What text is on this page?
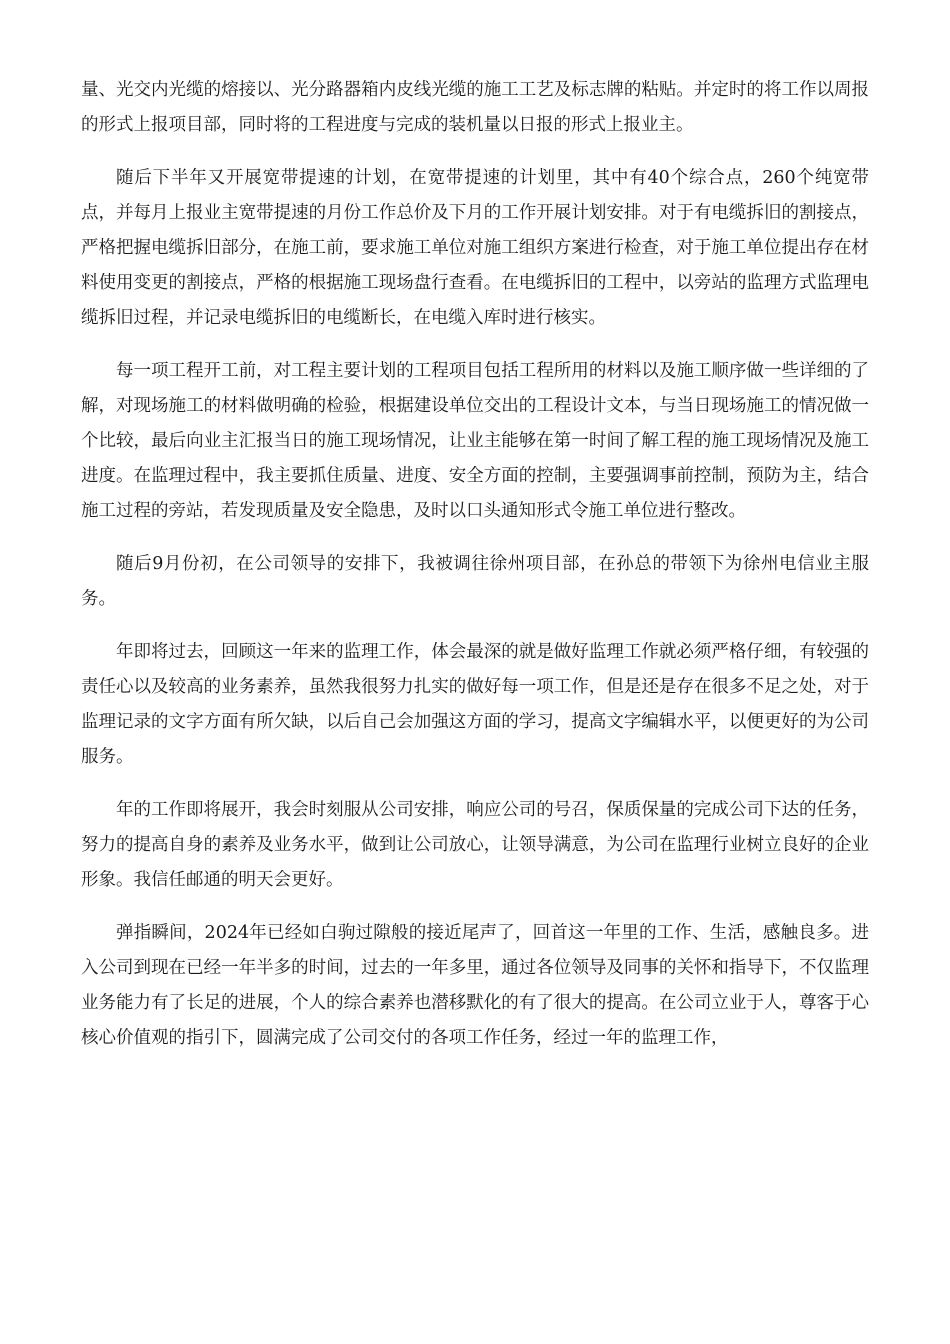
量、光交内光缆的熔接以、光分路器箱内皮线光缆的施工工艺及标志牌的粘贴。并定时的将工作以周报的形式上报项目部，同时将的工程进度与完成的装机量以日报的形式上报业主。

随后下半年又开展宽带提速的计划，在宽带提速的计划里，其中有40个综合点，260个纯宽带点，并每月上报业主宽带提速的月份工作总价及下月的工作开展计划安排。对于有电缆拆旧的割接点，严格把握电缆拆旧部分，在施工前，要求施工单位对施工组织方案进行检查，对于施工单位提出存在材料使用变更的割接点，严格的根据施工现场盘行查看。在电缆拆旧的工程中，以旁站的监理方式监理电缆拆旧过程，并记录电缆拆旧的电缆断长，在电缆入库时进行核实。

每一项工程开工前，对工程主要计划的工程项目包括工程所用的材料以及施工顺序做一些详细的了解，对现场施工的材料做明确的检验，根据建设单位交出的工程设计文本，与当日现场施工的情况做一个比较，最后向业主汇报当日的施工现场情况，让业主能够在第一时间了解工程的施工现场情况及施工进度。在监理过程中，我主要抓住质量、进度、安全方面的控制，主要强调事前控制，预防为主，结合施工过程的旁站，若发现质量及安全隐患，及时以口头通知形式令施工单位进行整改。

随后9月份初，在公司领导的安排下，我被调往徐州项目部，在孙总的带领下为徐州电信业主服务。

年即将过去，回顾这一年来的监理工作，体会最深的就是做好监理工作就必须严格仔细，有较强的责任心以及较高的业务素养，虽然我很努力扎实的做好每一项工作，但是还是存在很多不足之处，对于监理记录的文字方面有所欠缺，以后自己会加强这方面的学习，提高文字编辑水平，以便更好的为公司服务。

年的工作即将展开，我会时刻服从公司安排，响应公司的号召，保质保量的完成公司下达的任务，努力的提高自身的素养及业务水平，做到让公司放心，让领导满意，为公司在监理行业树立良好的企业形象。我信任邮通的明天会更好。

弹指瞬间，2024年已经如白驹过隙般的接近尾声了，回首这一年里的工作、生活，感触良多。进入公司到现在已经一年半多的时间，过去的一年多里，通过各位领导及同事的关怀和指导下，不仅监理业务能力有了长足的进展，个人的综合素养也潜移默化的有了很大的提高。在公司立业于人，尊客于心核心价值观的指引下，圆满完成了公司交付的各项工作任务，经过一年的监理工作，
